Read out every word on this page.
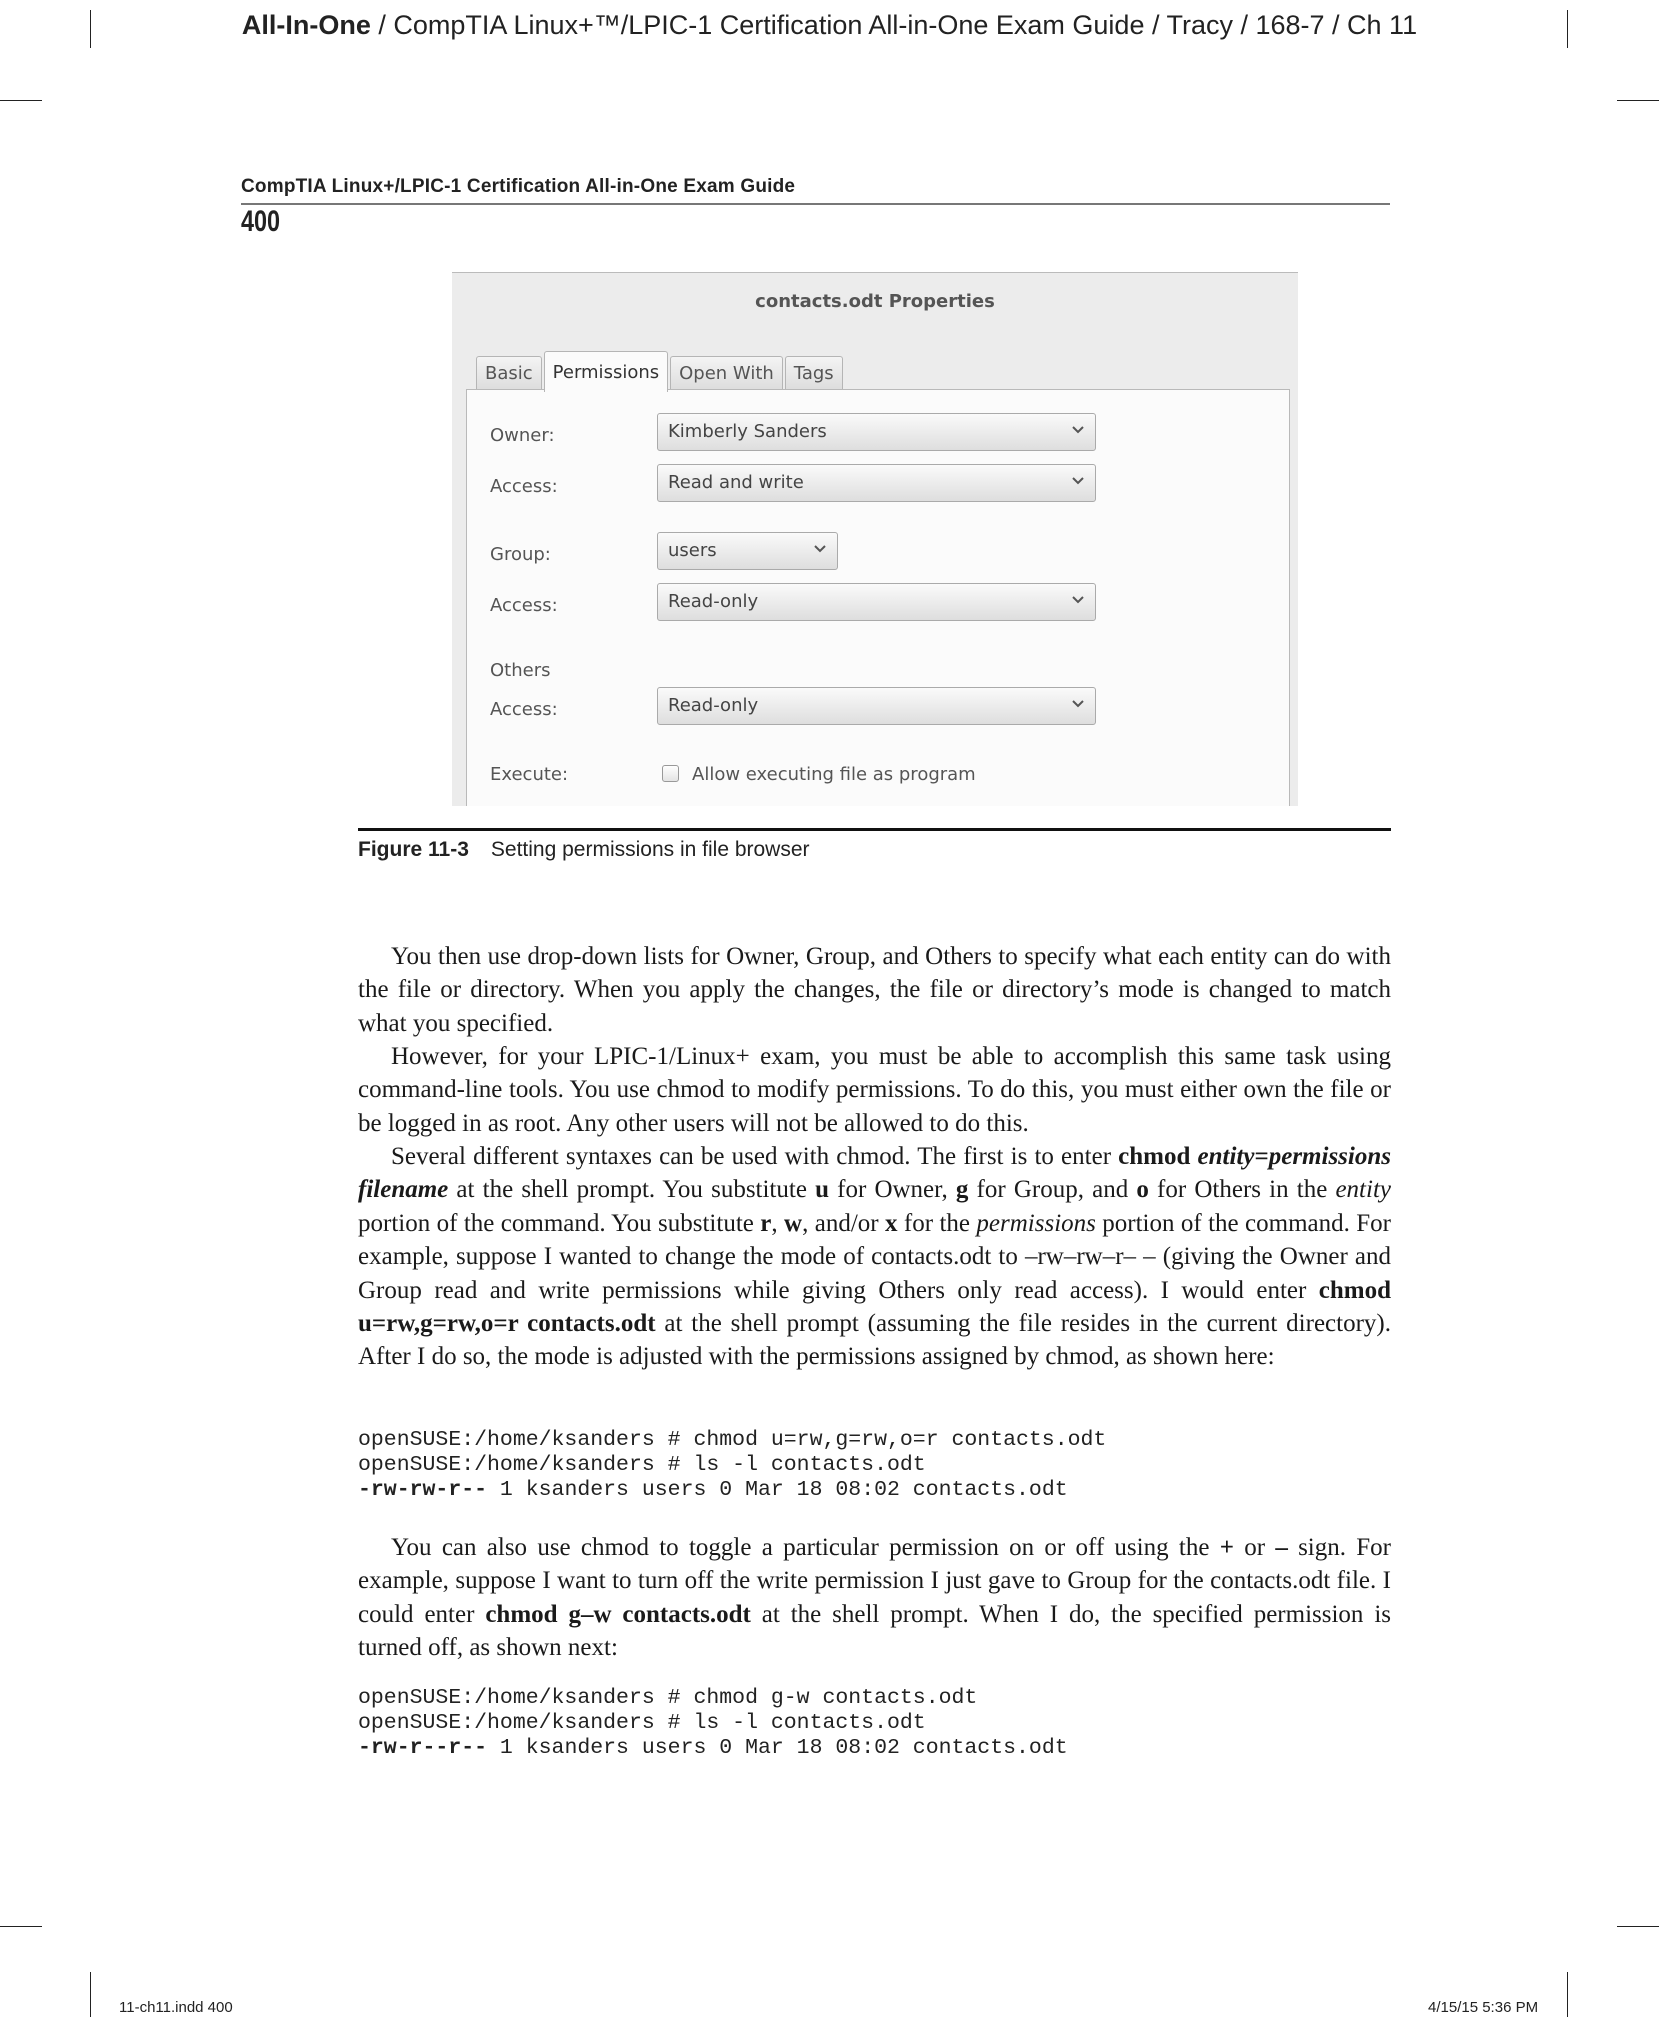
All-In-One / CompTIA Linux+™/LPIC-1 Certification All-in-One Exam Guide / Tracy / 168-7 / Ch 11
CompTIA Linux+/LPIC-1 Certification All-in-One Exam Guide
400
contacts.odt Properties
Basic	Permissions	Open With	Tags
Owner:	Kimberly Sanders
Access:	Read and write
Group:	users
Access:	Read-only
Others
Access:	Read-only
Execute:	Allow executing file as program
Figure 11-3 Setting permissions in file browser
You then use drop-down lists for Owner, Group, and Others to specify what each entity can do with the file or directory. When you apply the changes, the file or directory’s mode is changed to match what you specified.
However, for your LPIC-1/Linux+ exam, you must be able to accomplish this same task using command-line tools. You use chmod to modify permissions. To do this, you must either own the file or be logged in as root. Any other users will not be allowed to do this.
Several different syntaxes can be used with chmod. The first is to enter chmod entity=permissions filename at the shell prompt. You substitute u for Owner, g for Group, and o for Others in the entity portion of the command. You substitute r, w, and/or x for the permissions portion of the command. For example, suppose I wanted to change the mode of contacts.odt to –rw–rw–r– – (giving the Owner and Group read and write permissions while giving Others only read access). I would enter chmod u=rw,g=rw,o=r contacts.odt at the shell prompt (assuming the file resides in the current directory). After I do so, the mode is adjusted with the permissions assigned by chmod, as shown here:
openSUSE:/home/ksanders # chmod u=rw,g=rw,o=r contacts.odt
openSUSE:/home/ksanders # ls -l contacts.odt
-rw-rw-r-- 1 ksanders users 0 Mar 18 08:02 contacts.odt
You can also use chmod to toggle a particular permission on or off using the + or – sign. For example, suppose I want to turn off the write permission I just gave to Group for the contacts.odt file. I could enter chmod g–w contacts.odt at the shell prompt. When I do, the specified permission is turned off, as shown next:
openSUSE:/home/ksanders # chmod g-w contacts.odt
openSUSE:/home/ksanders # ls -l contacts.odt
-rw-r--r-- 1 ksanders users 0 Mar 18 08:02 contacts.odt
11-ch11.indd 400	4/15/15 5:36 PM
